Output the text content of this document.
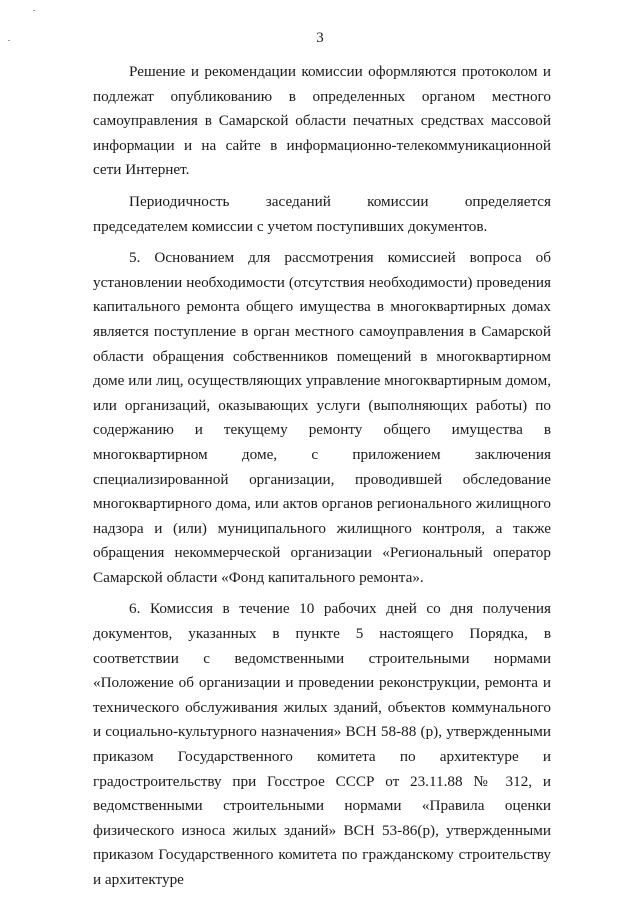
3

Решение и рекомендации комиссии оформляются протоколом и подлежат опубликованию в определенных органом местного самоуправления в Самарской области печатных средствах массовой информации и на сайте в информационно-телекоммуникационной сети Интернет.

Периодичность заседаний комиссии определяется председателем комиссии с учетом поступивших документов.

5. Основанием для рассмотрения комиссией вопроса об установлении необходимости (отсутствия необходимости) проведения капитального ремонта общего имущества в многоквартирных домах является поступление в орган местного самоуправления в Самарской области обращения собственников помещений в многоквартирном доме или лиц, осуществляющих управление многоквартирным домом, или организаций, оказывающих услуги (выполняющих работы) по содержанию и текущему ремонту общего имущества в многоквартирном доме, с приложением заключения специализированной организации, проводившей обследование многоквартирного дома, или актов органов регионального жилищного надзора и (или) муниципального жилищного контроля, а также обращения некоммерческой организации «Региональный оператор Самарской области «Фонд капитального ремонта».

6. Комиссия в течение 10 рабочих дней со дня получения документов, указанных в пункте 5 настоящего Порядка, в соответствии с ведомственными строительными нормами «Положение об организации и проведении реконструкции, ремонта и технического обслуживания жилых зданий, объектов коммунального и социально-культурного назначения» ВСН 58-88 (р), утвержденными приказом Государственного комитета по архитектуре и градостроительству при Госстрое СССР от 23.11.88 № 312, и ведомственными строительными нормами «Правила оценки физического износа жилых зданий» ВСН 53-86(р), утвержденными приказом Государственного комитета по гражданскому строительству и архитектуре
